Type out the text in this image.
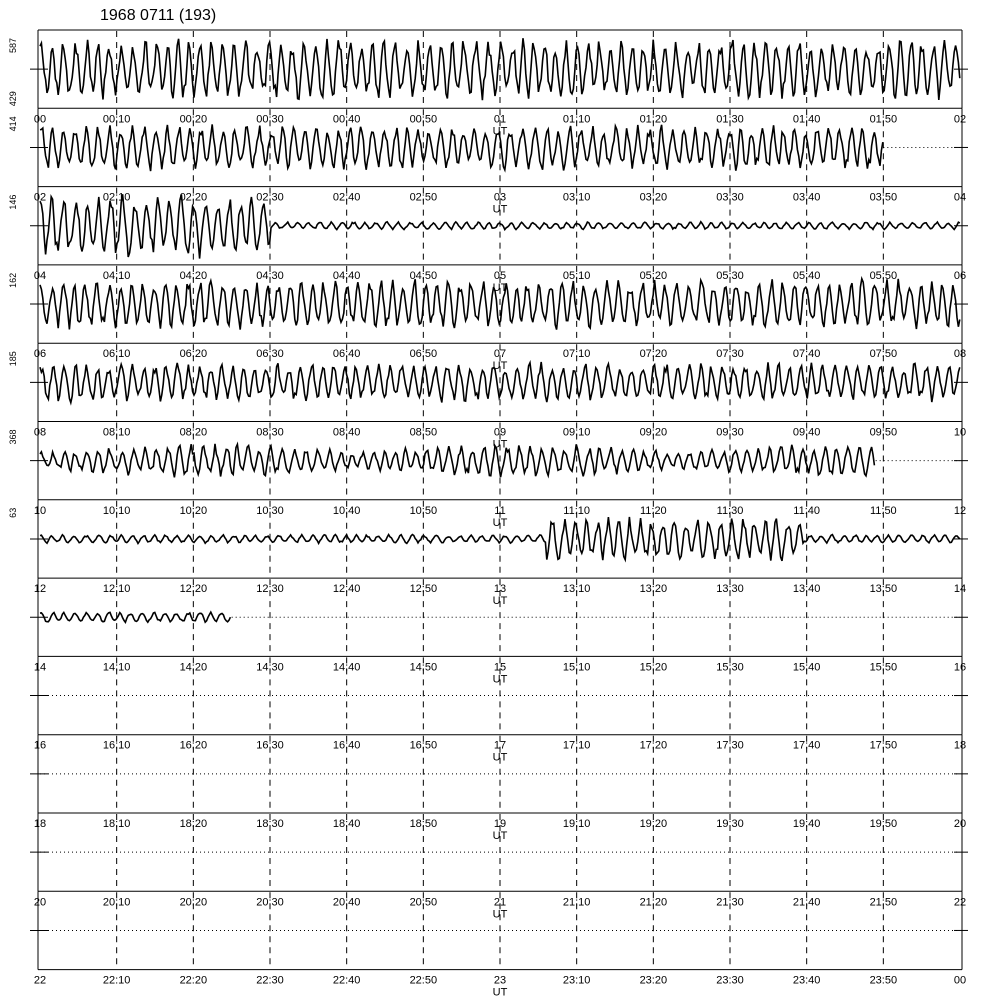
1968 0711 (193)
587
429
00	00:10	00:20	00:30	00:40	00:50	01	01:10	01:20	01:30	01:40	01:50	02
UT
414
02	02:10	02:20	02:30	02:40	02:50	03	03:10	03:20	03:30	03:40	03:50	04
UT
146
04	04:10	04:20	04:30	04:40	04:50	05	05:10	05:20	05:30	05:40	05:50	06
UT
162
06	06:10	06:20	06:30	06:40	06:50	07	07:10	07:20	07:30	07:40	07:50	08
UT
185
08	08:10	08:20	08:30	08:40	08:50	09	09:10	09:20	09:30	09:40	09:50	10
UT
368
10	10:10	10:20	10:30	10:40	10:50	11	11:10	11:20	11:30	11:40	11:50	12
UT
63
12	12:10	12:20	12:30	12:40	12:50	13	13:10	13:20	13:30	13:40	13:50	14
UT
14	14:10	14:20	14:30	14:40	14:50	15	15:10	15:20	15:30	15:40	15:50	16
UT
16	16:10	16:20	16:30	16:40	16:50	17	17:10	17:20	17:30	17:40	17:50	18
UT
18	18:10	18:20	18:30	18:40	18:50	19	19:10	19:20	19:30	19:40	19:50	20
UT
20	20:10	20:20	20:30	20:40	20:50	21	21:10	21:20	21:30	21:40	21:50	22
UT
22	22:10	22:20	22:30	22:40	22:50	23	23:10	23:20	23:30	23:40	23:50	00
UT
